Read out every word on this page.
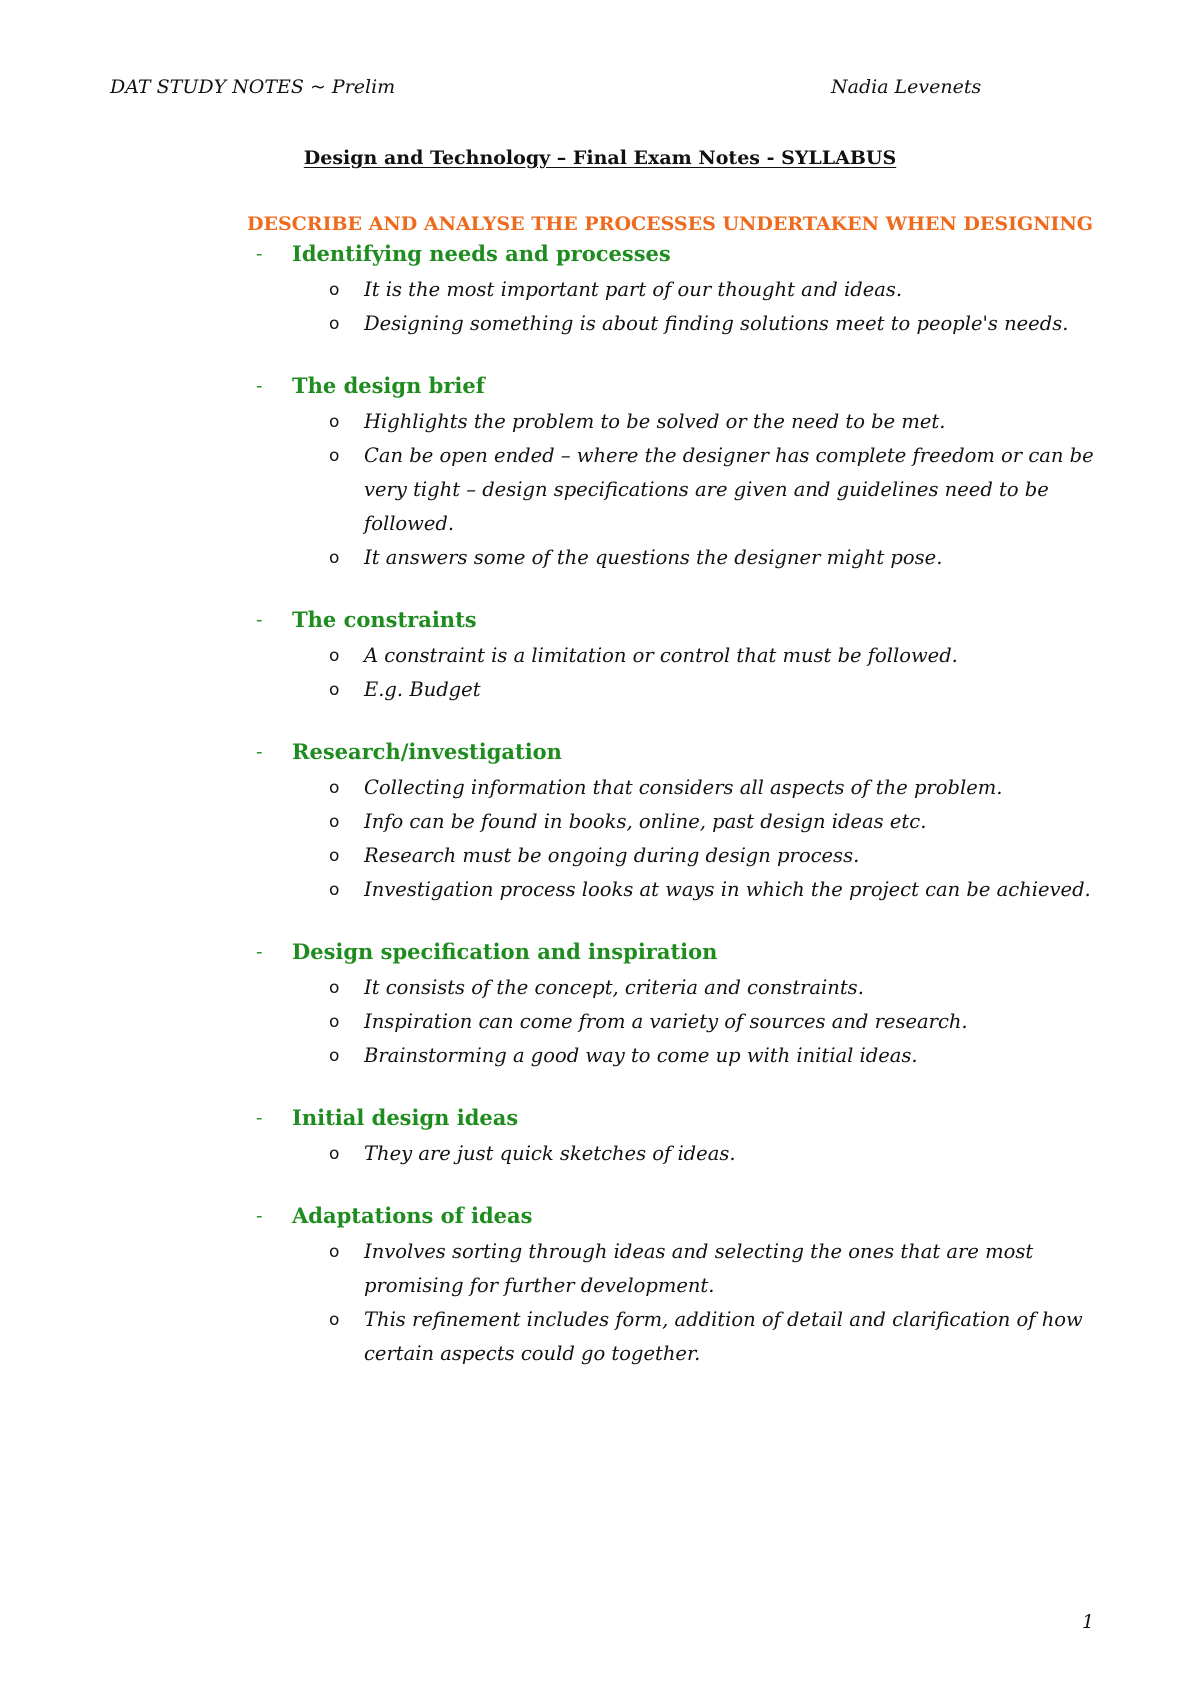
DAT STUDY NOTES ~ Prelim	Nadia Levenets
Design and Technology – Final Exam Notes - SYLLABUS
DESCRIBE AND ANALYSE THE PROCESSES UNDERTAKEN WHEN DESIGNING
- Identifying needs and processes
o It is the most important part of our thought and ideas.
o Designing something is about finding solutions meet to people's needs.
- The design brief
o Highlights the problem to be solved or the need to be met.
o Can be open ended – where the designer has complete freedom or can be very tight – design specifications are given and guidelines need to be followed.
o It answers some of the questions the designer might pose.
- The constraints
o A constraint is a limitation or control that must be followed.
o E.g. Budget
- Research/investigation
o Collecting information that considers all aspects of the problem.
o Info can be found in books, online, past design ideas etc.
o Research must be ongoing during design process.
o Investigation process looks at ways in which the project can be achieved.
- Design specification and inspiration
o It consists of the concept, criteria and constraints.
o Inspiration can come from a variety of sources and research.
o Brainstorming a good way to come up with initial ideas.
- Initial design ideas
o They are just quick sketches of ideas.
- Adaptations of ideas
o Involves sorting through ideas and selecting the ones that are most promising for further development.
o This refinement includes form, addition of detail and clarification of how certain aspects could go together.
1
